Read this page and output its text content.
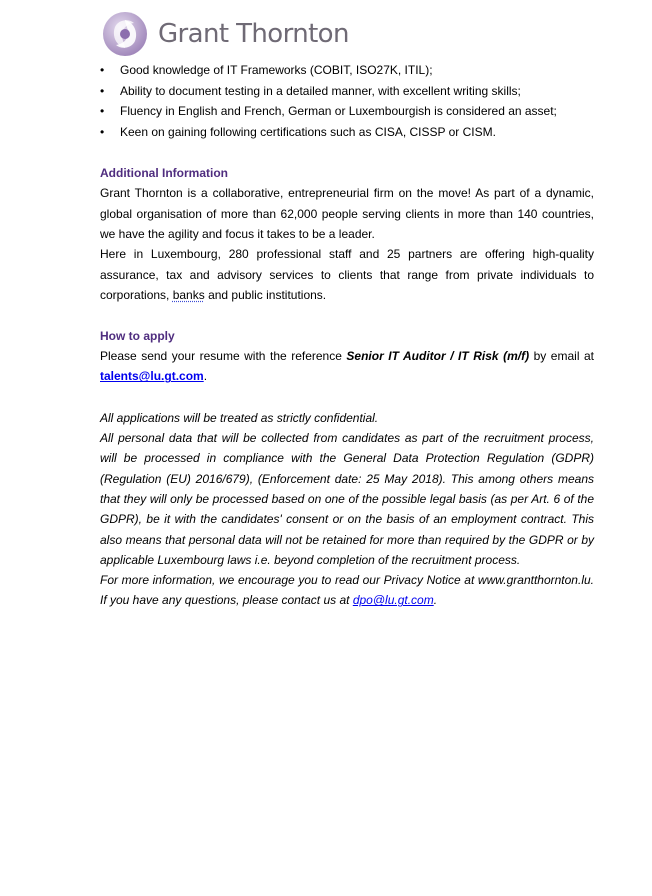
Grant Thornton
• Good knowledge of IT Frameworks (COBIT, ISO27K, ITIL);
• Ability to document testing in a detailed manner, with excellent writing skills;
• Fluency in English and French, German or Luxembourgish is considered an asset;
• Keen on gaining following certifications such as CISA, CISSP or CISM.
Additional Information

Grant Thornton is a collaborative, entrepreneurial firm on the move! As part of a dynamic, global organisation of more than 62,000 people serving clients in more than 140 countries, we have the agility and focus it takes to be a leader.

Here in Luxembourg, 280 professional staff and 25 partners are offering high-quality assurance, tax and advisory services to clients that range from private individuals to corporations, banks and public institutions.

How to apply

Please send your resume with the reference Senior IT Auditor / IT Risk (m/f) by email at talents@lu.gt.com.

All applications will be treated as strictly confidential.

All personal data that will be collected from candidates as part of the recruitment process, will be processed in compliance with the General Data Protection Regulation (GDPR) (Regulation (EU) 2016/679), (Enforcement date: 25 May 2018). This among others means that they will only be processed based on one of the possible legal basis (as per Art. 6 of the GDPR), be it with the candidates' consent or on the basis of an employment contract. This also means that personal data will not be retained for more than required by the GDPR or by applicable Luxembourg laws i.e. beyond completion of the recruitment process.

For more information, we encourage you to read our Privacy Notice at www.grantthornton.lu. If you have any questions, please contact us at dpo@lu.gt.com.
